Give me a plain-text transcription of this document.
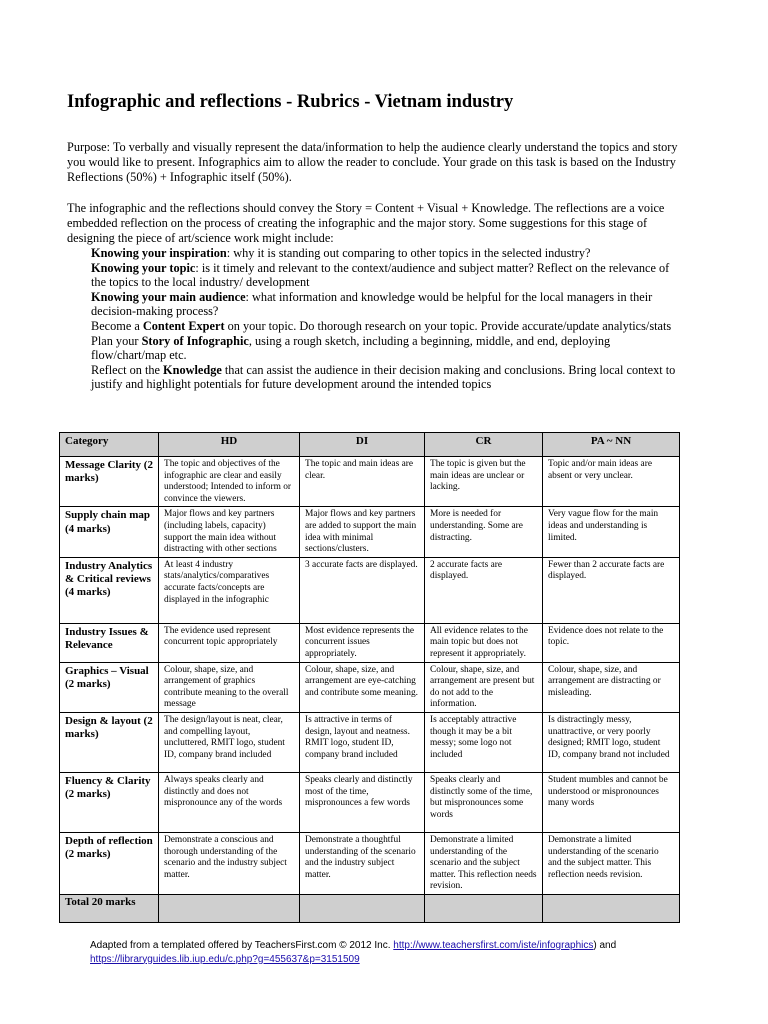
Infographic and reflections - Rubrics - Vietnam industry

Purpose: To verbally and visually represent the data/information to help the audience clearly understand the topics and story you would like to present. Infographics aim to allow the reader to conclude. Your grade on this task is based on the Industry Reflections (50%) + Infographic itself (50%).

The infographic and the reflections should convey the Story = Content + Visual + Knowledge. The reflections are a voice embedded reflection on the process of creating the infographic and the major story. Some suggestions for this stage of designing the piece of art/science work might include:

Knowing your inspiration: why it is standing out comparing to other topics in the selected industry?
Knowing your topic: is it timely and relevant to the context/audience and subject matter? Reflect on the relevance of the topics to the local industry/ development
Knowing your main audience: what information and knowledge would be helpful for the local managers in their decision-making process?
Become a Content Expert on your topic. Do thorough research on your topic. Provide accurate/update analytics/stats
Plan your Story of Infographic, using a rough sketch, including a beginning, middle, and end, deploying flow/chart/map etc.
Reflect on the Knowledge that can assist the audience in their decision making and conclusions. Bring local context to justify and highlight potentials for future development around the intended topics
Category	HD	DI	CR	PA ~ NN
Message Clarity (2 marks)	The topic and objectives of the infographic are clear and easily understood; Intended to inform or convince the viewers.	The topic and main ideas are clear.	The topic is given but the main ideas are unclear or lacking.	Topic and/or main ideas are absent or very unclear.
Supply chain map (4 marks)	Major flows and key partners (including labels, capacity) support the main idea without distracting with other sections	Major flows and key partners are added to support the main idea with minimal sections/clusters.	More is needed for understanding. Some are distracting.	Very vague flow for the main ideas and understanding is limited.
Industry Analytics & Critical reviews (4 marks)	At least 4 industry stats/analytics/comparatives accurate facts/concepts are displayed in the infographic	3 accurate facts are displayed.	2 accurate facts are displayed.	Fewer than 2 accurate facts are displayed.
Industry Issues & Relevance	The evidence used represent concurrent topic appropriately	Most evidence represents the concurrent issues appropriately.	All evidence relates to the main topic but does not represent it appropriately.	Evidence does not relate to the topic.
Graphics – Visual (2 marks)	Colour, shape, size, and arrangement of graphics contribute meaning to the overall message	Colour, shape, size, and arrangement are eye-catching and contribute some meaning.	Colour, shape, size, and arrangement are present but do not add to the information.	Colour, shape, size, and arrangement are distracting or misleading.
Design & layout (2 marks)	The design/layout is neat, clear, and compelling layout, uncluttered, RMIT logo, student ID, company brand included	Is attractive in terms of design, layout and neatness. RMIT logo, student ID, company brand included	Is acceptably attractive though it may be a bit messy; some logo not included	Is distractingly messy, unattractive, or very poorly designed; RMIT logo, student ID, company brand not included
Fluency & Clarity (2 marks)	Always speaks clearly and distinctly and does not mispronounce any of the words	Speaks clearly and distinctly most of the time, mispronounces a few words	Speaks clearly and distinctly some of the time, but mispronounces some words	Student mumbles and cannot be understood or mispronounces many words
Depth of reflection (2 marks)	Demonstrate a conscious and thorough understanding of the scenario and the industry subject matter.	Demonstrate a thoughtful understanding of the scenario and the industry subject matter.	Demonstrate a limited understanding of the scenario and the subject matter. This reflection needs revision.	Demonstrate a limited understanding of the scenario and the subject matter. This reflection needs revision.
Total 20 marks				
Adapted from a templated offered by TeachersFirst.com © 2012 Inc. http://www.teachersfirst.com/iste/infographics) and
https://libraryguides.lib.iup.edu/c.php?g=455637&p=3151509
